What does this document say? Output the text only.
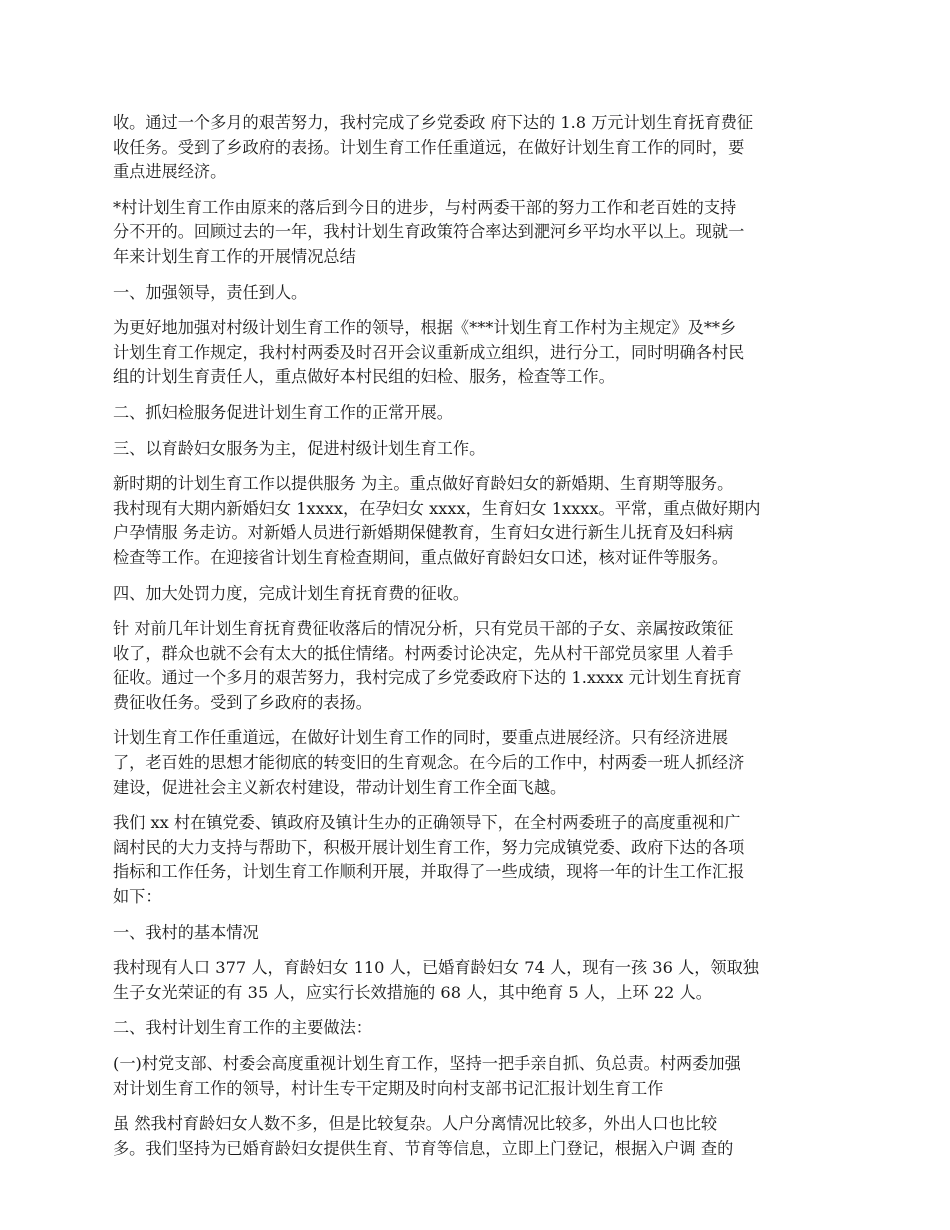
收。通过一个多月的艰苦努力，我村完成了乡党委政 府下达的 1.8 万元计划生育抚育费征
收任务。受到了乡政府的表扬。计划生育工作任重道远，在做好计划生育工作的同时，要
重点进展经济。

*村计划生育工作由原来的落后到今日的进步，与村两委干部的努力工作和老百姓的支持
分不开的。回顾过去的一年，我村计划生育政策符合率达到淝河乡平均水平以上。现就一
年来计划生育工作的开展情况总结

一、加强领导，责任到人。

为更好地加强对村级计划生育工作的领导，根据《***计划生育工作村为主规定》及**乡
计划生育工作规定，我村村两委及时召开会议重新成立组织，进行分工，同时明确各村民
组的计划生育责任人，重点做好本村民组的妇检、服务，检查等工作。

二、抓妇检服务促进计划生育工作的正常开展。

三、以育龄妇女服务为主，促进村级计划生育工作。

新时期的计划生育工作以提供服务 为主。重点做好育龄妇女的新婚期、生育期等服务。
我村现有大期内新婚妇女 1xxxx，在孕妇女 xxxx，生育妇女 1xxxx。平常，重点做好期内
户孕情服 务走访。对新婚人员进行新婚期保健教育，生育妇女进行新生儿抚育及妇科病
检查等工作。在迎接省计划生育检查期间，重点做好育龄妇女口述，核对证件等服务。

四、加大处罚力度，完成计划生育抚育费的征收。

针 对前几年计划生育抚育费征收落后的情况分析，只有党员干部的子女、亲属按政策征
收了，群众也就不会有太大的抵住情绪。村两委讨论决定，先从村干部党员家里 人着手
征收。通过一个多月的艰苦努力，我村完成了乡党委政府下达的 1.xxxx 元计划生育抚育
费征收任务。受到了乡政府的表扬。

计划生育工作任重道远，在做好计划生育工作的同时，要重点进展经济。只有经济进展
了，老百姓的思想才能彻底的转变旧的生育观念。在今后的工作中，村两委一班人抓经济
建设，促进社会主义新农村建设，带动计划生育工作全面飞越。

我们 xx 村在镇党委、镇政府及镇计生办的正确领导下，在全村两委班子的高度重视和广
阔村民的大力支持与帮助下，积极开展计划生育工作，努力完成镇党委、政府下达的各项
指标和工作任务，计划生育工作顺利开展，并取得了一些成绩，现将一年的计生工作汇报
如下：

一、我村的基本情况

我村现有人口 377 人，育龄妇女 110 人，已婚育龄妇女 74 人，现有一孩 36 人，领取独
生子女光荣证的有 35 人，应实行长效措施的 68 人，其中绝育 5 人，上环 22 人。

二、我村计划生育工作的主要做法：

(一)村党支部、村委会高度重视计划生育工作，坚持一把手亲自抓、负总责。村两委加强
对计划生育工作的领导，村计生专干定期及时向村支部书记汇报计划生育工作

虽 然我村育龄妇女人数不多，但是比较复杂。人户分离情况比较多，外出人口也比较
多。我们坚持为已婚育龄妇女提供生育、节育等信息，立即上门登记，根据入户调 查的
